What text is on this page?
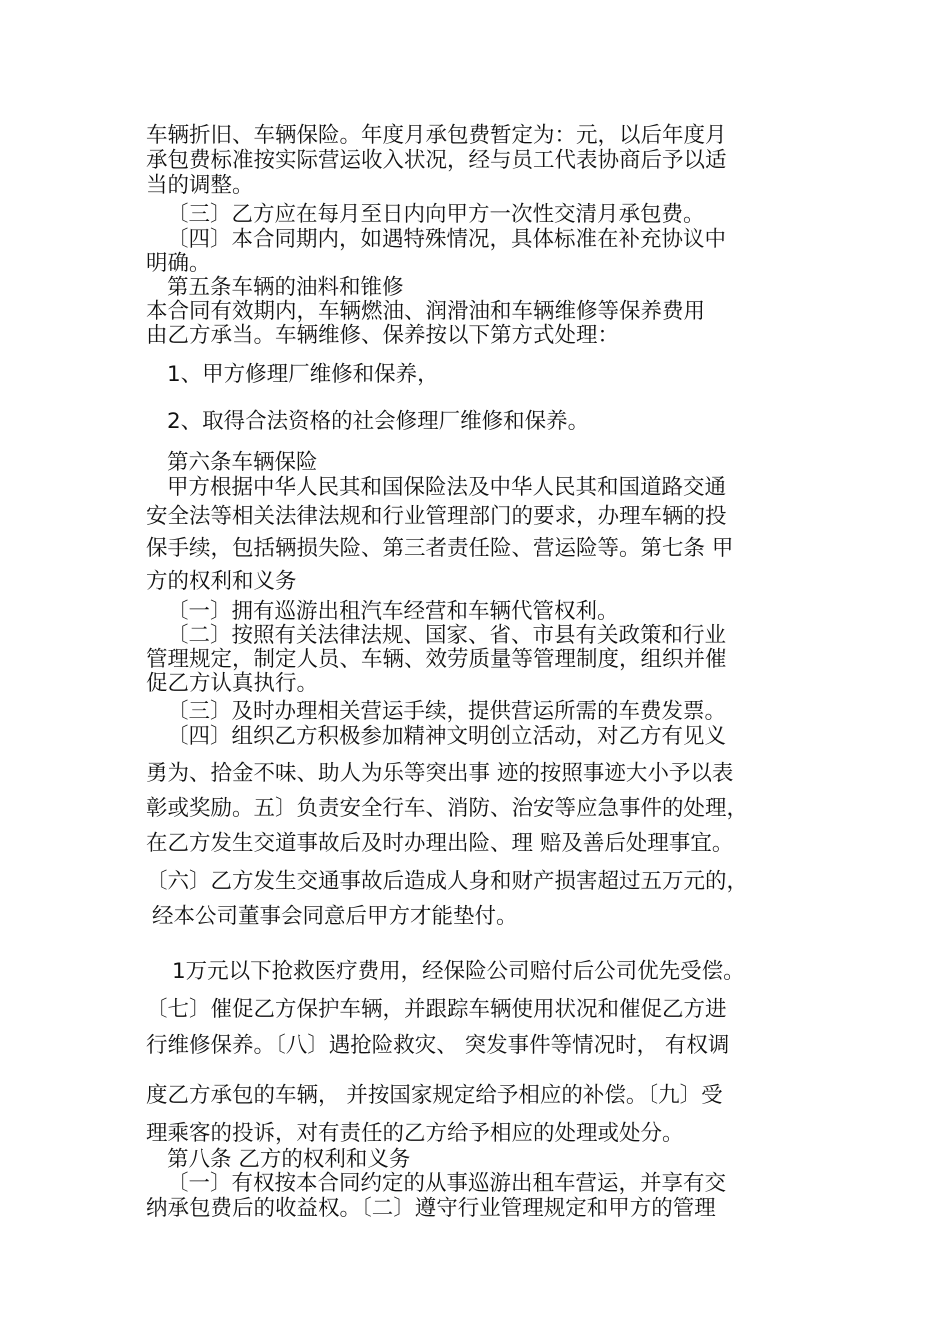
车辆折旧、车辆保险。年度月承包费暂定为：元，以后年度月

承包费标准按实际营运收入状况，经与员工代表协商后予以适

当的调整。

〔三〕乙方应在每月至日内向甲方一次性交清月承包费。

〔四〕本合同期内，如遇特殊情况，具体标准在补充协议中

明确。

第五条车辆的油料和锥修

本合同有效期内，车辆燃油、润滑油和车辆维修等保养费用

由乙方承当。车辆维修、保养按以下第方式处理：

1、甲方修理厂维修和保养，

2、取得合法资格的社会修理厂维修和保养。

第六条车辆保险

甲方根据中华人民其和国保险法及中华人民其和国道路交通

安全法等相关法律法规和行业管理部门的要求，办理车辆的投

保手续，包括辆损失险、第三者责任险、营运险等。第七条 甲

方的权利和义务

〔一〕拥有巡游出租汽车经营和车辆代管权利。

〔二〕按照有关法律法规、国家、省、市县有关政策和行业

管理规定，制定人员、车辆、效劳质量等管理制度，组织并催

促乙方认真执行。

〔三〕及时办理相关营运手续，提供营运所需的车费发票。

〔四〕组织乙方积极参加精神文明创立活动，对乙方有见义

勇为、拾金不味、助人为乐等突出事 迹的按照事迹大小予以表

彰或奖励。五〕负责安全行车、消防、治安等应急事件的处理，

在乙方发生交道事故后及时办理出险、理 赔及善后处理事宜。

〔六〕乙方发生交通事故后造成人身和财产损害超过五万元的，

经本公司董事会同意后甲方才能垫付。

1万元以下抢救医疗费用，经保险公司赔付后公司优先受偿。

〔七〕催促乙方保护车辆，并跟踪车辆使用状况和催促乙方进

行维修保养。〔八〕遇抢险救灾、 突发事件等情况时， 有权调

度乙方承包的车辆， 并按国家规定给予相应的补偿。〔九〕受

理乘客的投诉，对有责任的乙方给予相应的处理或处分。

第八条 乙方的权利和义务

〔一〕有权按本合同约定的从事巡游出租车营运，并享有交

纳承包费后的收益权。〔二〕遵守行业管理规定和甲方的管理
